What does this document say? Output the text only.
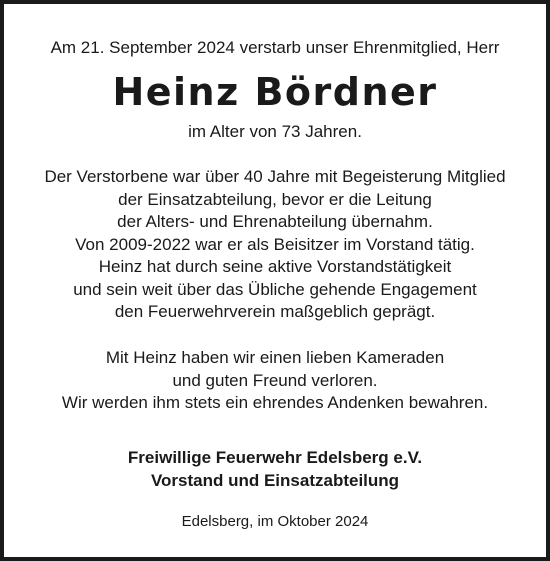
Am 21. September 2024 verstarb unser Ehrenmitglied, Herr
Heinz Bördner
im Alter von 73 Jahren.
Der Verstorbene war über 40 Jahre mit Begeisterung Mitglied
der Einsatzabteilung, bevor er die Leitung
der Alters- und Ehrenabteilung übernahm.
Von 2009-2022 war er als Beisitzer im Vorstand tätig.
Heinz hat durch seine aktive Vorstandstätigkeit
und sein weit über das Übliche gehende Engagement
den Feuerwehrverein maßgeblich geprägt.
Mit Heinz haben wir einen lieben Kameraden
und guten Freund verloren.
Wir werden ihm stets ein ehrendes Andenken bewahren.
Freiwillige Feuerwehr Edelsberg e.V.
Vorstand und Einsatzabteilung
Edelsberg, im Oktober 2024
